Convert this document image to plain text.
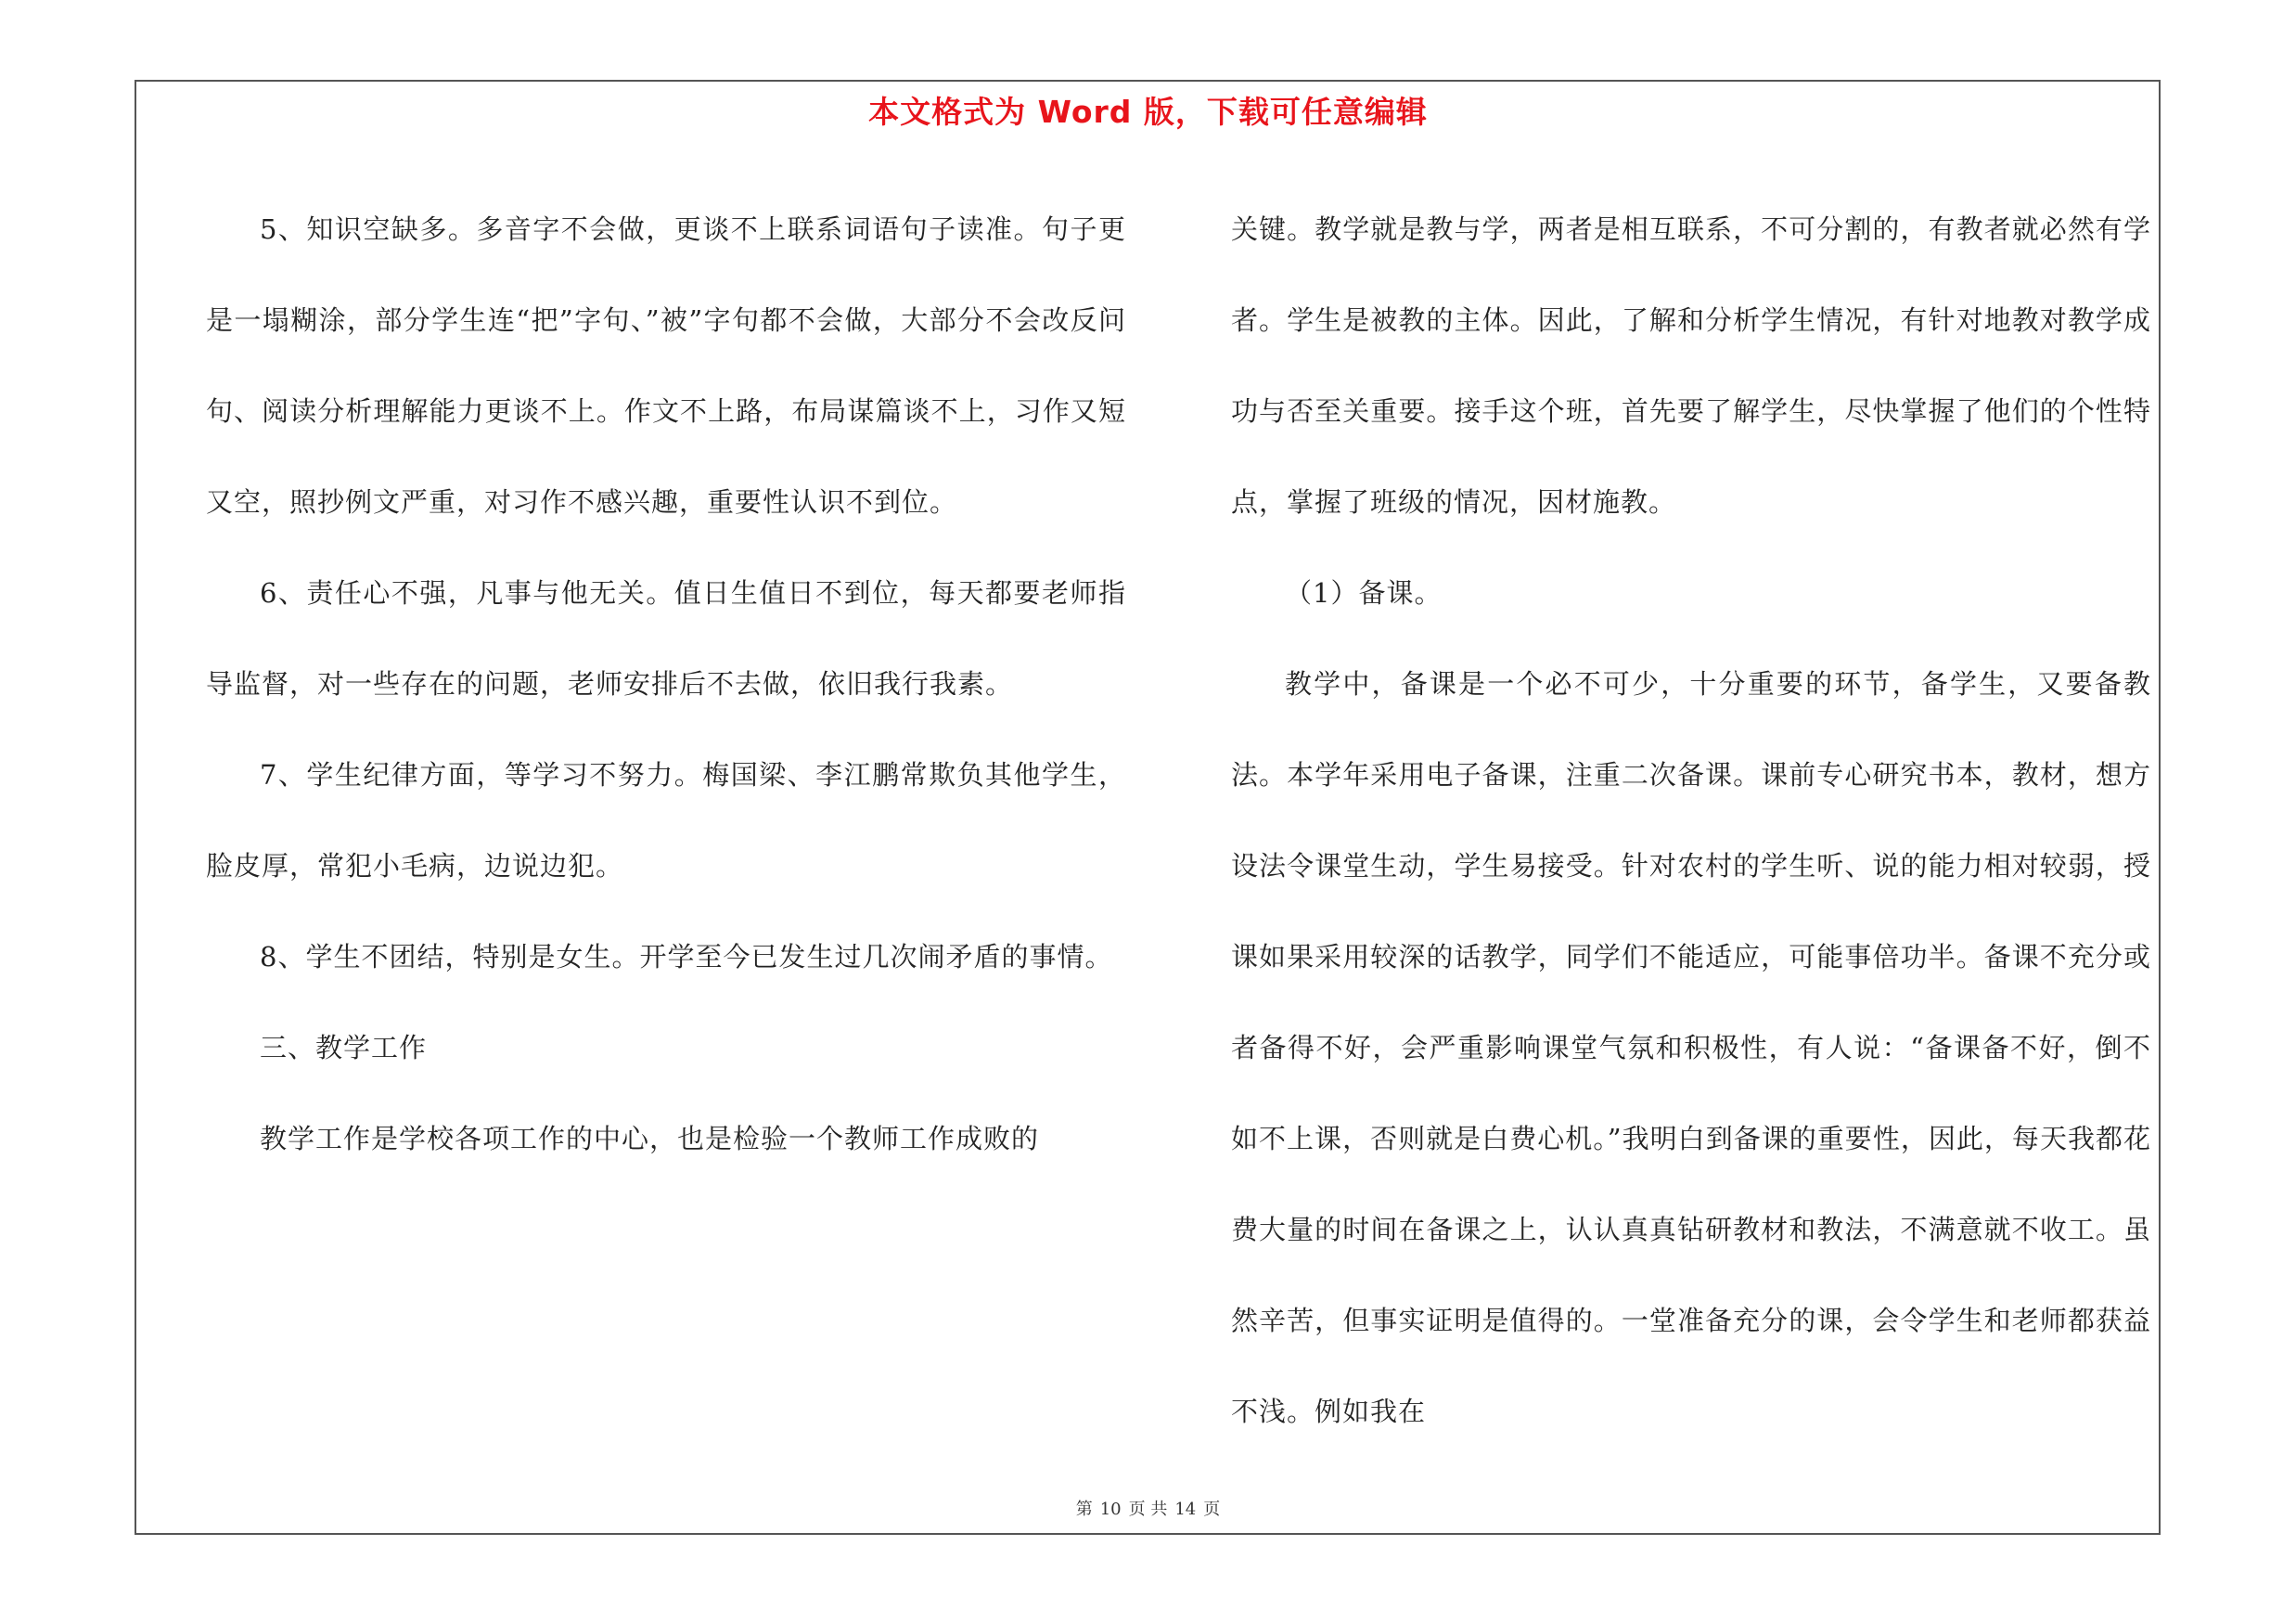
本文格式为 Word 版，下载可任意编辑

5、知识空缺多。多音字不会做，更谈不上联系词语句子读准。句子更是一塌糊涂，部分学生连“把”字句、”被”字句都不会做，大部分不会改反问句、阅读分析理解能力更谈不上。作文不上路，布局谋篇谈不上，习作又短又空，照抄例文严重，对习作不感兴趣，重要性认识不到位。

6、责任心不强，凡事与他无关。值日生值日不到位，每天都要老师指导监督，对一些存在的问题，老师安排后不去做，依旧我行我素。

7、学生纪律方面，等学习不努力。梅国梁、李江鹏常欺负其他学生，脸皮厚，常犯小毛病，边说边犯。

8、学生不团结，特别是女生。开学至今已发生过几次闹矛盾的事情。

三、教学工作

教学工作是学校各项工作的中心，也是检验一个教师工作成败的

关键。教学就是教与学，两者是相互联系，不可分割的，有教者就必然有学者。学生是被教的主体。因此，了解和分析学生情况，有针对地教对教学成功与否至关重要。接手这个班，首先要了解学生，尽快掌握了他们的个性特点，掌握了班级的情况，因材施教。

（1）备课。

教学中，备课是一个必不可少，十分重要的环节，备学生，又要备教法。本学年采用电子备课，注重二次备课。课前专心研究书本，教材，想方设法令课堂生动，学生易接受。针对农村的学生听、说的能力相对较弱，授课如果采用较深的话教学，同学们不能适应，可能事倍功半。备课不充分或者备得不好，会严重影响课堂气氛和积极性，有人说：“备课备不好，倒不如不上课，否则就是白费心机。”我明白到备课的重要性，因此，每天我都花费大量的时间在备课之上，认认真真钻研教材和教法，不满意就不收工。虽然辛苦，但事实证明是值得的。一堂准备充分的课，会令学生和老师都获益不浅。例如我在

第 10 页 共 14 页
